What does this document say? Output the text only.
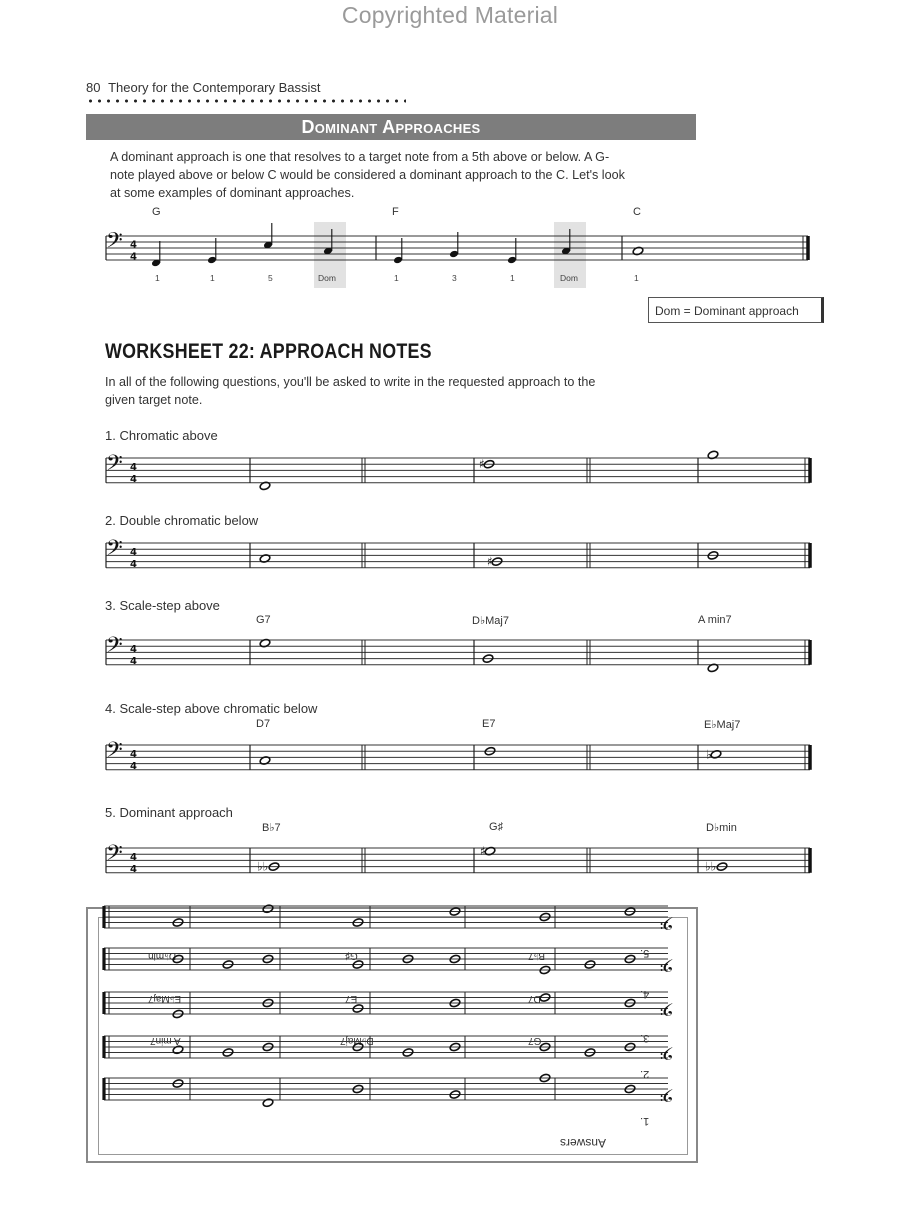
Copyrighted Material
80 Theory for the Contemporary Bassist
Dominant Approaches
A dominant approach is one that resolves to a target note from a 5th above or below. A G-
note played above or below C would be considered a dominant approach to the C. Let's look
at some examples of dominant approaches.
G	F	C
1	1	5	Dom	1	3	1	Dom	1
Dom = Dominant approach
WORKSHEET 22: APPROACH NOTES
In all of the following questions, you'll be asked to write in the requested approach to the
given target note.
1. Chromatic above
2. Double chromatic below
3. Scale-step above
4. Scale-step above chromatic below
5. Dominant approach
G7	D♭Maj7	A min7
D7	E7	E♭Maj7
B♭7	G♯	D♭min
Answers
1.
2.
3.
4.
5.
G7
D♭Maj7
A min7
D7
E7
E♭Maj7
B♭7
G♯
D♭min
𝄢 4
4
𝄢 4
4
♯
𝄢 4
4	♯
𝄢 4
4
𝄢 4
4
♭
𝄢 4
4	♭♭
♯
♭♭
𝄢
𝄢
𝄢
𝄢
𝄢
